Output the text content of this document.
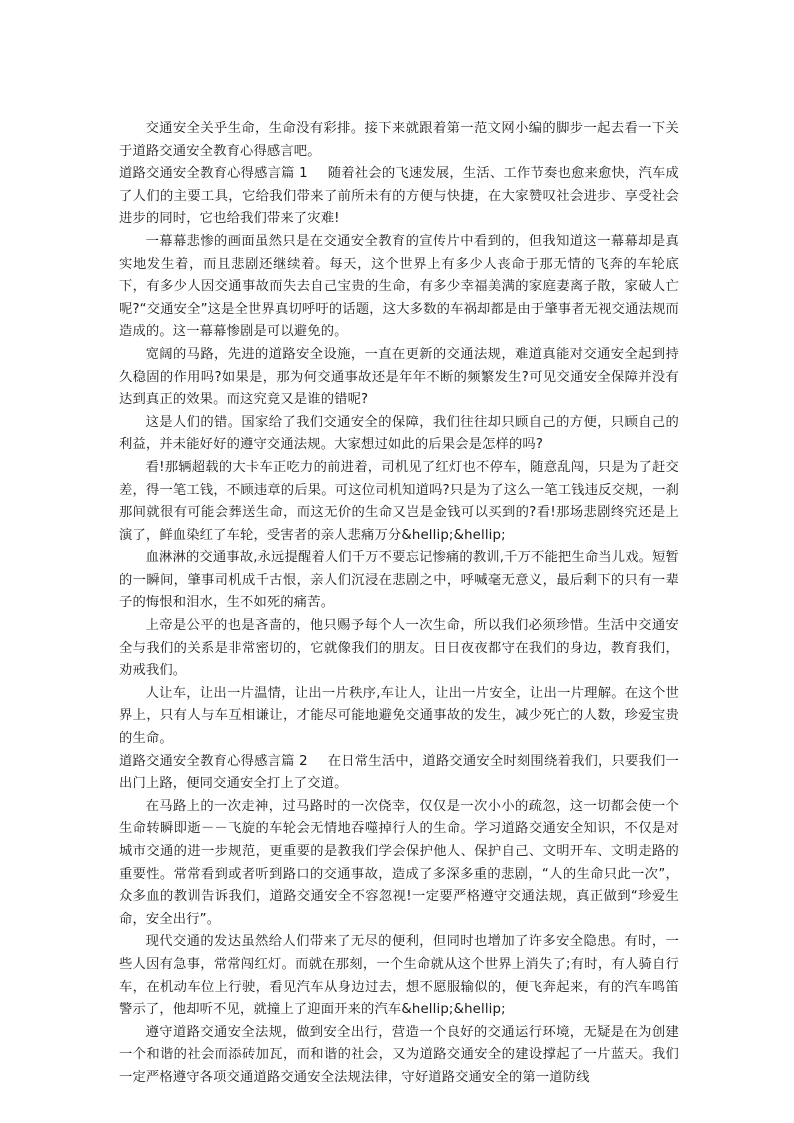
交通安全关乎生命，生命没有彩排。接下来就跟着第一范文网小编的脚步一起去看一下关于道路交通安全教育心得感言吧。

道路交通安全教育心得感言篇 1 随着社会的飞速发展，生活、工作节奏也愈来愈快，汽车成了人们的主要工具，它给我们带来了前所未有的方便与快捷，在大家赞叹社会进步、享受社会进步的同时，它也给我们带来了灾难!

一幕幕悲惨的画面虽然只是在交通安全教育的宣传片中看到的，但我知道这一幕幕却是真实地发生着，而且悲剧还继续着。每天，这个世界上有多少人丧命于那无情的飞奔的车轮底下，有多少人因交通事故而失去自己宝贵的生命，有多少幸福美满的家庭妻离子散，家破人亡呢?“交通安全”这是全世界真切呼吁的话题，这大多数的车祸却都是由于肇事者无视交通法规而造成的。这一幕幕惨剧是可以避免的。

宽阔的马路，先进的道路安全设施，一直在更新的交通法规，难道真能对交通安全起到持久稳固的作用吗?如果是，那为何交通事故还是年年不断的频繁发生?可见交通安全保障并没有达到真正的效果。而这究竟又是谁的错呢?

这是人们的错。国家给了我们交通安全的保障，我们往往却只顾自己的方便，只顾自己的利益，并未能好好的遵守交通法规。大家想过如此的后果会是怎样的吗?

看!那辆超载的大卡车正吃力的前进着，司机见了红灯也不停车，随意乱闯，只是为了赶交差，得一笔工钱，不顾违章的后果。可这位司机知道吗?只是为了这么一笔工钱违反交规，一刹那间就很有可能会葬送生命，而这无价的生命又岂是金钱可以买到的?看!那场悲剧终究还是上演了，鲜血染红了车轮，受害者的亲人悲痛万分&hellip;&hellip;

血淋淋的交通事故,永远提醒着人们千万不要忘记惨痛的教训,千万不能把生命当儿戏。短暂的一瞬间，肇事司机成千古恨，亲人们沉浸在悲剧之中，呼喊毫无意义，最后剩下的只有一辈子的悔恨和泪水，生不如死的痛苦。

上帝是公平的也是吝啬的，他只赐予每个人一次生命，所以我们必须珍惜。生活中交通安全与我们的关系是非常密切的，它就像我们的朋友。日日夜夜都守在我们的身边，教育我们，劝戒我们。

人让车，让出一片温情，让出一片秩序,车让人，让出一片安全，让出一片理解。在这个世界上，只有人与车互相谦让，才能尽可能地避免交通事故的发生，减少死亡的人数，珍爱宝贵的生命。

道路交通安全教育心得感言篇 2 在日常生活中，道路交通安全时刻围绕着我们，只要我们一出门上路，便同交通安全打上了交道。

在马路上的一次走神，过马路时的一次侥幸，仅仅是一次小小的疏忽，这一切都会使一个生命转瞬即逝－－飞旋的车轮会无情地吞噬掉行人的生命。学习道路交通安全知识，不仅是对城市交通的进一步规范，更重要的是教我们学会保护他人、保护自己、文明开车、文明走路的重要性。常常看到或者听到路口的交通事故，造成了多深多重的悲剧，“人的生命只此一次”，众多血的教训告诉我们，道路交通安全不容忽视!一定要严格遵守交通法规，真正做到“珍爱生命，安全出行”。

现代交通的发达虽然给人们带来了无尽的便利，但同时也增加了许多安全隐患。有时，一些人因有急事，常常闯红灯。而就在那刻，一个生命就从这个世界上消失了;有时，有人骑自行车，在机动车位上行驶，看见汽车从身边过去，想不愿服输似的，便飞奔起来，有的汽车鸣笛警示了，他却听不见，就撞上了迎面开来的汽车&hellip;&hellip;

遵守道路交通安全法规，做到安全出行，营造一个良好的交通运行环境，无疑是在为创建一个和谐的社会而添砖加瓦，而和谐的社会，又为道路交通安全的建设撑起了一片蓝天。我们一定严格遵守各项交通道路交通安全法规法律，守好道路交通安全的第一道防线
